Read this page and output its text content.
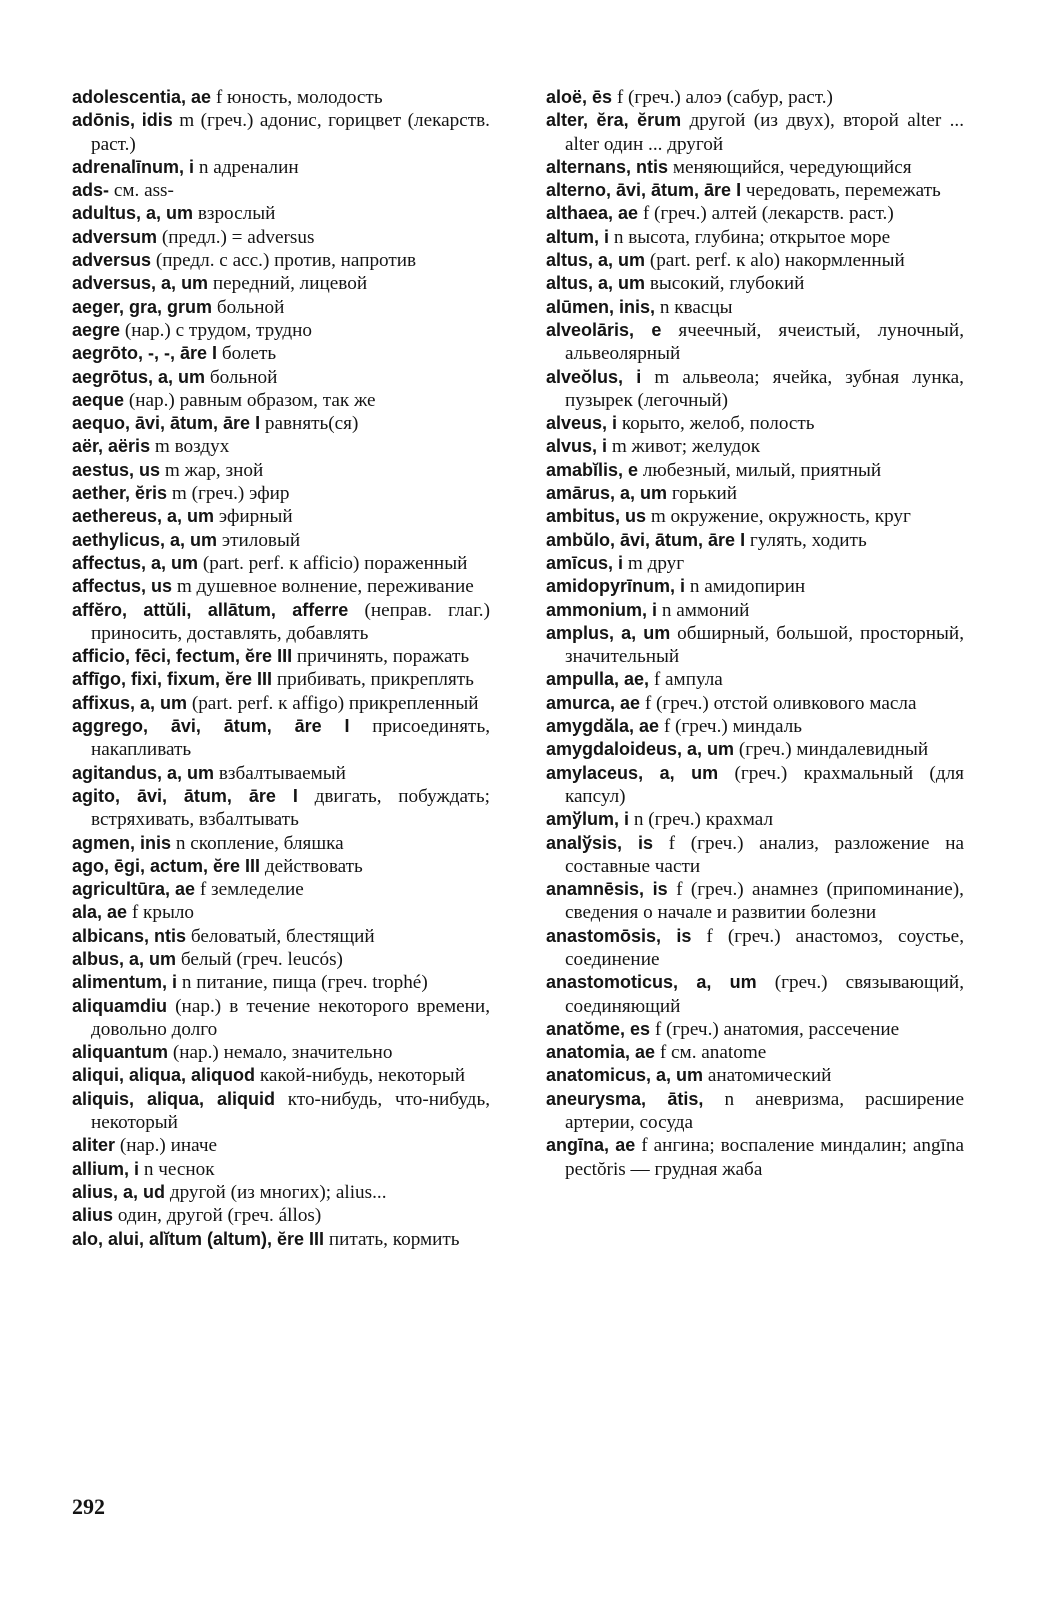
adolescentia, ae f юность, молодость

adōnis, idis m (греч.) адонис, горицвет (лекарств. раст.)

adrenalīnum, i n адреналин

ads- см. ass-

adultus, a, um взрослый

adversum (предл.) = adversus

adversus (предл. с acc.) против, напротив

adversus, a, um передний, лицевой

aeger, gra, grum больной

aegre (нар.) с трудом, трудно

aegrōto, -, -, āre I болеть

aegrōtus, a, um больной

aeque (нар.) равным образом, так же

aequo, āvi, ātum, āre I равнять(ся)

aёr, aёris m воздух

aestus, us m жар, зной

aether, ĕris m (греч.) эфир

aethereus, a, um эфирный

aethylicus, a, um этиловый

affectus, a, um (part. perf. к afficio) пораженный

affectus, us m душевное волнение, переживание

affĕro, attŭli, allātum, afferre (неправ. глаг.) приносить, доставлять, добавлять

afficio, fēci, fectum, ĕre III причинять, поражать

affīgo, fixi, fixum, ĕre III прибивать, прикреплять

affixus, a, um (part. perf. к affigo) прикрепленный

aggrego, āvi, ātum, āre I присоединять, накапливать

agitandus, a, um взбалтываемый

agito, āvi, ātum, āre I двигать, побуждать; встряхивать, взбалтывать

agmen, inis n скопление, бляшка

ago, ēgi, actum, ĕre III действовать

agricultūra, ae f земледелие

ala, ae f крыло

albicans, ntis беловатый, блестящий

albus, a, um белый (греч. leucós)

alimentum, i n питание, пища (греч. trophé)

aliquamdiu (нар.) в течение некоторого времени, довольно долго

aliquantum (нар.) немало, значительно

aliqui, aliqua, aliquod какой-нибудь, некоторый

aliquis, aliqua, aliquid кто-нибудь, что-нибудь, некоторый

aliter (нар.) иначе

allium, i n чеснок

alius, a, ud другой (из многих); alius...

alius один, другой (греч. állos)

alo, alui, alĭtum (altum), ĕre III питать, кормить

aloё, ēs f (греч.) алоэ (сабур, раст.)

alter, ĕra, ĕrum другой (из двух), второй alter ... alter один ... другой

alternans, ntis меняющийся, чередующийся

alterno, āvi, ātum, āre I чередовать, перемежать

althaea, ae f (греч.) алтей (лекарств. раст.)

altum, i n высота, глубина; открытое море

altus, a, um (part. perf. к alo) накормленный

altus, a, um высокий, глубокий

alūmen, inis, n квасцы

alveolāris, e ячеечный, ячеистый, луночный, альвеолярный

alveŏlus, i m альвеола; ячейка, зубная лунка, пузырек (легочный)

alveus, i корыто, желоб, полость

alvus, i m живот; желудок

amabĭlis, e любезный, милый, приятный

amārus, a, um горький

ambitus, us m окружение, окружность, круг

ambŭlo, āvi, ātum, āre I гулять, ходить

amīcus, i m друг

amidopyrīnum, i n амидопирин

ammonium, i n аммоний

amplus, a, um обширный, большой, просторный, значительный

ampulla, ae, f ампула

amurca, ae f (греч.) отстой оливкового масла

amygdăla, ae f (греч.) миндаль

amygdaloideus, a, um (греч.) миндалевидный

amylaceus, a, um (греч.) крахмальный (для капсул)

amўlum, i n (греч.) крахмал

analўsis, is f (греч.) анализ, разложение на составные части

anamnēsis, is f (греч.) анамнез (припоминание), сведения о начале и развитии болезни

anastomōsis, is f (греч.) анастомоз, соустье, соединение

anastomoticus, a, um (греч.) связывающий, соединяющий

anatŏme, es f (греч.) анатомия, рассечение

anatomia, ae f см. anatome

anatomicus, a, um анатомический

aneurysma, ātis, n аневризма, расширение артерии, сосуда

angīna, ae f ангина; воспаление миндалин; angīna pectŏris — грудная жаба

292
